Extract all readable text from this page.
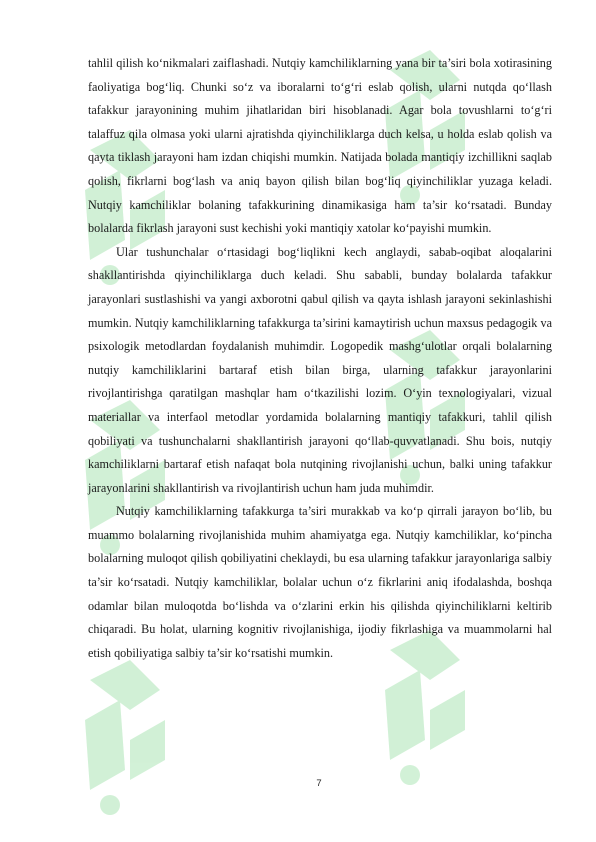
tahlil qilish ko‘nikmalari zaiflashadi. Nutqiy kamchiliklarning yana bir ta’siri bola xotirasining faoliyatiga bog‘liq. Chunki so‘z va iboralarni to‘g‘ri eslab qolish, ularni nutqda qo‘llash tafakkur jarayonining muhim jihatlaridan biri hisoblanadi. Agar bola tovushlarni to‘g‘ri talaffuz qila olmasa yoki ularni ajratishda qiyinchiliklarga duch kelsa, u holda eslab qolish va qayta tiklash jarayoni ham izdan chiqishi mumkin. Natijada bolada mantiqiy izchillikni saqlab qolish, fikrlarni bog‘lash va aniq bayon qilish bilan bog‘liq qiyinchiliklar yuzaga keladi. Nutqiy kamchiliklar bolaning tafakkurining dinamikasiga ham ta’sir ko‘rsatadi. Bunday bolalarda fikrlash jarayoni sust kechishi yoki mantiqiy xatolar ko‘payishi mumkin.

Ular tushunchalar o‘rtasidagi bog‘liqlikni kech anglaydi, sabab-oqibat aloqalarini shakllantirishda qiyinchiliklarga duch keladi. Shu sababli, bunday bolalarda tafakkur jarayonlari sustlashishi va yangi axborotni qabul qilish va qayta ishlash jarayoni sekinlashishi mumkin. Nutqiy kamchiliklarning tafakkurga ta’sirini kamaytirish uchun maxsus pedagogik va psixologik metodlardan foydalanish muhimdir. Logopedik mashg‘ulotlar orqali bolalarning nutqiy kamchiliklarini bartaraf etish bilan birga, ularning tafakkur jarayonlarini rivojlantirishga qaratilgan mashqlar ham o‘tkazilishi lozim. O‘yin texnologiyalari, vizual materiallar va interfaol metodlar yordamida bolalarning mantiqiy tafakkuri, tahlil qilish qobiliyati va tushunchalarni shakllantirish jarayoni qo‘llab-quvvatlanadi. Shu bois, nutqiy kamchiliklarni bartaraf etish nafaqat bola nutqining rivojlanishi uchun, balki uning tafakkur jarayonlarini shakllantirish va rivojlantirish uchun ham juda muhimdir.

Nutqiy kamchiliklarning tafakkurga ta’siri murakkab va ko‘p qirrali jarayon bo‘lib, bu muammo bolalarning rivojlanishida muhim ahamiyatga ega. Nutqiy kamchiliklar, ko‘pincha bolalarning muloqot qilish qobiliyatini cheklaydi, bu esa ularning tafakkur jarayonlariga salbiy ta’sir ko‘rsatadi. Nutqiy kamchiliklar, bolalar uchun o‘z fikrlarini aniq ifodalashda, boshqa odamlar bilan muloqotda bo‘lishda va o‘zlarini erkin his qilishda qiyinchiliklarni keltirib chiqaradi. Bu holat, ularning kognitiv rivojlanishiga, ijodiy fikrlashiga va muammolarni hal etish qobiliyatiga salbiy ta’sir ko‘rsatishi mumkin.

7
